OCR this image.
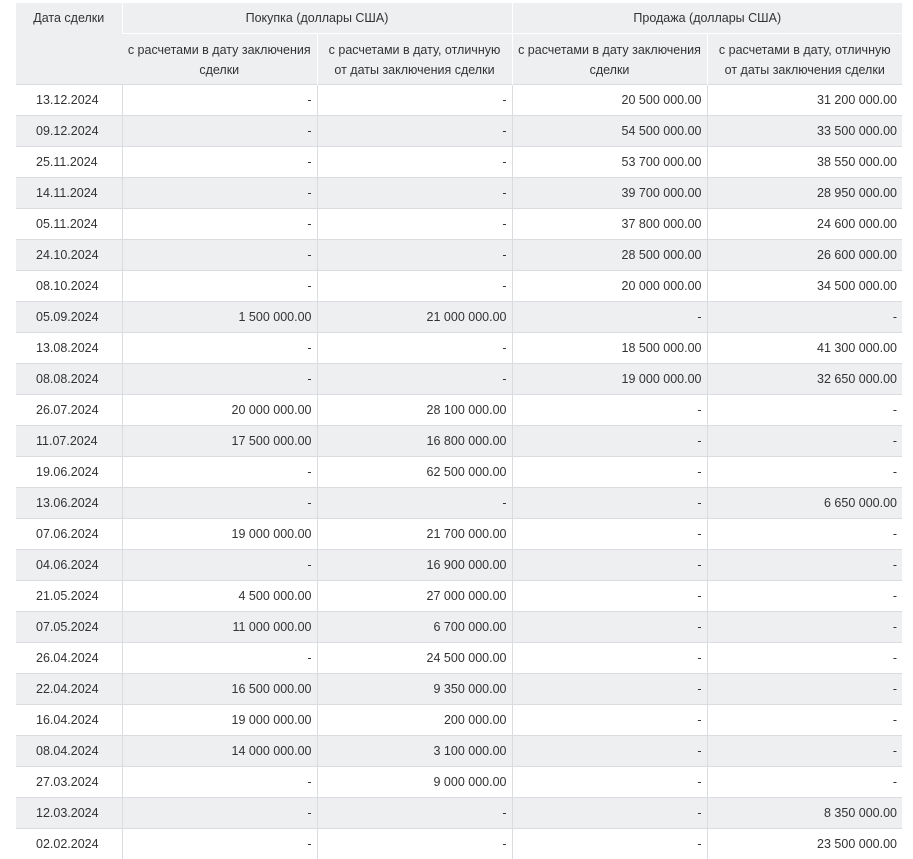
Дата сделки	Покупка (доллары США)		Продажа (доллары США)	
	с расчетами в дату заключения сделки	с расчетами в дату, отличную от даты заключения сделки	с расчетами в дату заключения сделки	с расчетами в дату, отличную от даты заключения сделки
13.12.2024	-	-	20 500 000.00	31 200 000.00
09.12.2024	-	-	54 500 000.00	33 500 000.00
25.11.2024	-	-	53 700 000.00	38 550 000.00
14.11.2024	-	-	39 700 000.00	28 950 000.00
05.11.2024	-	-	37 800 000.00	24 600 000.00
24.10.2024	-	-	28 500 000.00	26 600 000.00
08.10.2024	-	-	20 000 000.00	34 500 000.00
05.09.2024	1 500 000.00	21 000 000.00	-	-
13.08.2024	-	-	18 500 000.00	41 300 000.00
08.08.2024	-	-	19 000 000.00	32 650 000.00
26.07.2024	20 000 000.00	28 100 000.00	-	-
11.07.2024	17 500 000.00	16 800 000.00	-	-
19.06.2024	-	62 500 000.00	-	-
13.06.2024	-	-	-	6 650 000.00
07.06.2024	19 000 000.00	21 700 000.00	-	-
04.06.2024	-	16 900 000.00	-	-
21.05.2024	4 500 000.00	27 000 000.00	-	-
07.05.2024	11 000 000.00	6 700 000.00	-	-
26.04.2024	-	24 500 000.00	-	-
22.04.2024	16 500 000.00	9 350 000.00	-	-
16.04.2024	19 000 000.00	200 000.00	-	-
08.04.2024	14 000 000.00	3 100 000.00	-	-
27.03.2024	-	9 000 000.00	-	-
12.03.2024	-	-	-	8 350 000.00
02.02.2024	-	-	-	23 500 000.00
